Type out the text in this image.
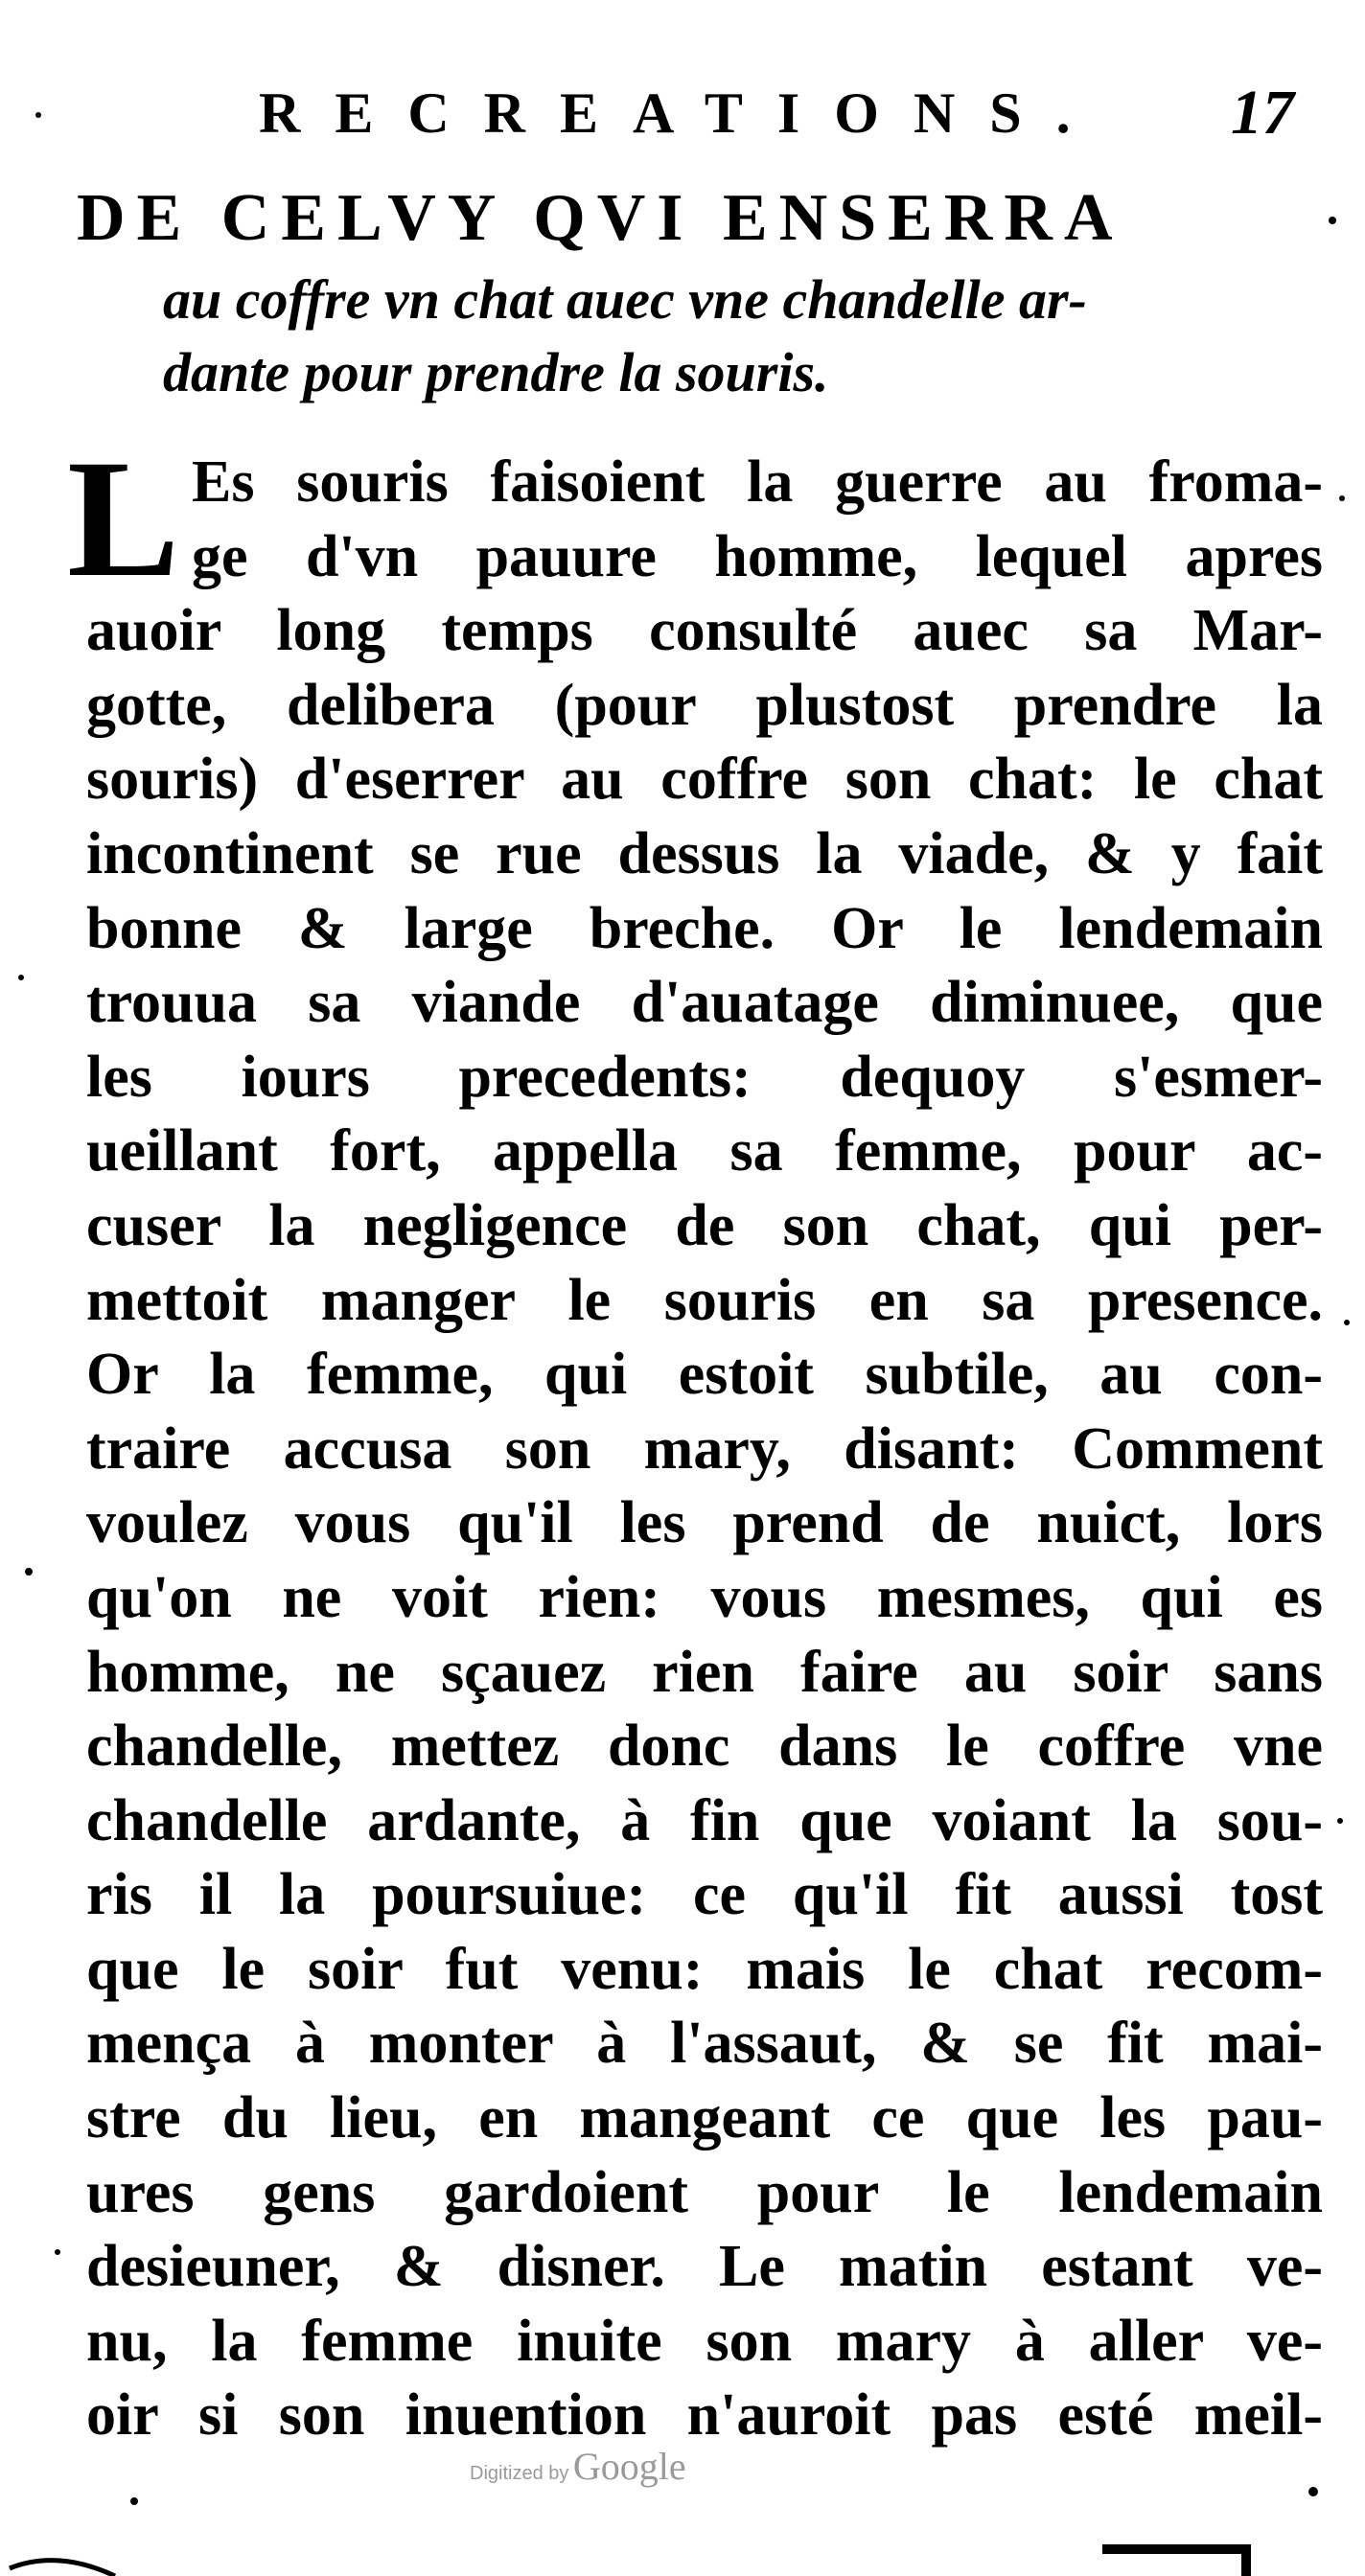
RECREATIONS. 17
DE CELVY QVI ENSERRA
au coffre vn chat auec vne chandelle ar-
dante pour prendre la souris.
L Es souris faisoient la guerre au froma-
ge d'vn pauure homme, lequel apres
auoir long temps consulté auec sa Mar-
gotte, delibera (pour plustost prendre la
souris) d'eserrer au coffre son chat: le chat
incontinent se rue dessus la viade, & y fait
bonne & large breche. Or le lendemain
trouua sa viande d'auatage diminuee, que
les iours precedents: dequoy s'esmer-
ueillant fort, appella sa femme, pour ac-
cuser la negligence de son chat, qui per-
mettoit manger le souris en sa presence.
Or la femme, qui estoit subtile, au con-
traire accusa son mary, disant: Comment
voulez vous qu'il les prend de nuict, lors
qu'on ne voit rien: vous mesmes, qui es
homme, ne sçauez rien faire au soir sans
chandelle, mettez donc dans le coffre vne
chandelle ardante, à fin que voiant la sou-
ris il la poursuiue: ce qu'il fit aussi tost
que le soir fut venu: mais le chat recom-
mença à monter à l'assaut, & se fit mai-
stre du lieu, en mangeant ce que les pau-
ures gens gardoient pour le lendemain
desieuner, & disner. Le matin estant ve-
nu, la femme inuite son mary à aller ve-
oir si son inuention n'auroit pas esté meil-
Digitized by Google
